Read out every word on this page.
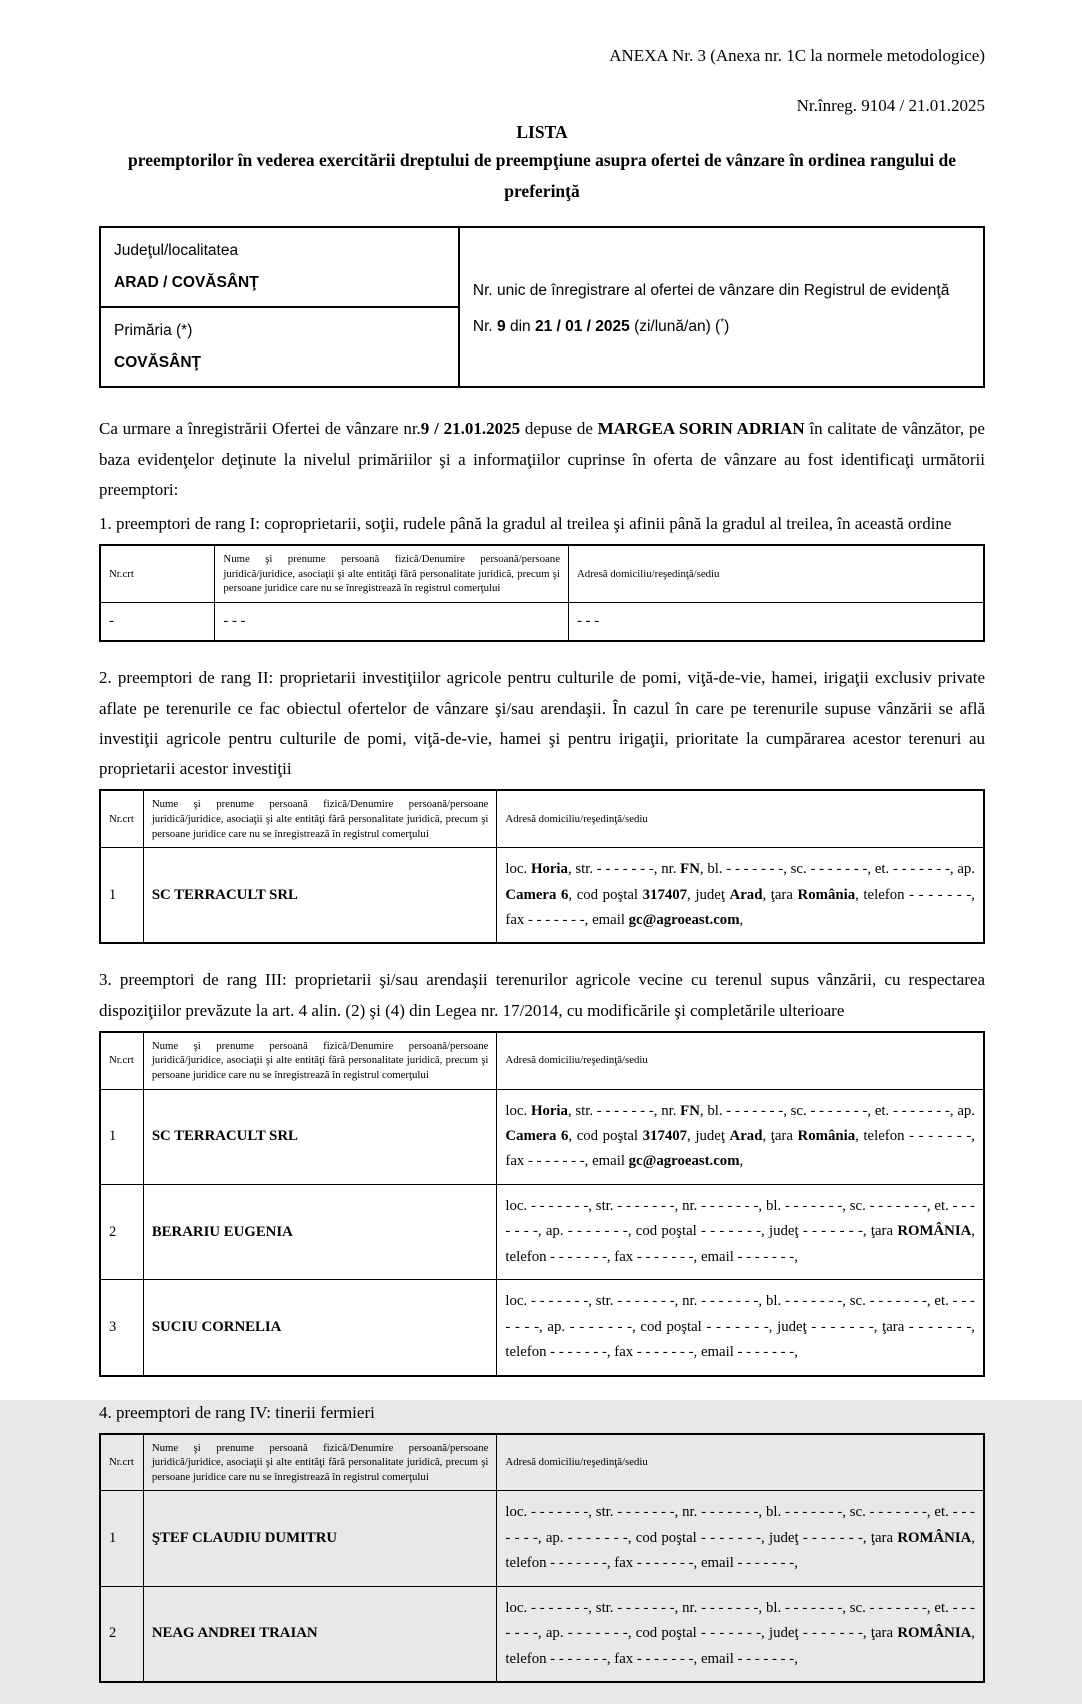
ANEXA Nr. 3 (Anexa nr. 1C la normele metodologice)
Nr.înreg. 9104 / 21.01.2025
LISTA
preemptorilor în vederea exercitării dreptului de preempţiune asupra ofertei de vânzare în ordinea rangului de preferinţă
Judeţul/localitatea
ARAD / COVĂSÂNŢ	Nr. unic de înregistrare al ofertei de vânzare din Registrul de evidenţă
Nr. 9 din 21 / 01 / 2025 (zi/lună/an) (*)

Primăria (*)
COVĂSÂNŢ

Ca urmare a înregistrării Ofertei de vânzare nr.9 / 21.01.2025 depuse de MARGEA SORIN ADRIAN în calitate de vânzător, pe baza evidenţelor deţinute la nivelul primăriilor şi a informaţiilor cuprinse în oferta de vânzare au fost identificaţi următorii preemptori:

1. preemptori de rang I: coproprietarii, soţii, rudele până la gradul al treilea şi afinii până la gradul al treilea, în această ordine

Nr.crt	Nume şi prenume persoană fizică/Denumire persoană/persoane juridică/juridice, asociaţii şi alte entităţi fără personalitate juridică, precum şi persoane juridice care nu se înregistrează în registrul comerţului	Adresă domiciliu/reşedinţă/sediu
-	- - -	- - -

2. preemptori de rang II: proprietarii investiţiilor agricole pentru culturile de pomi, viţă-de-vie, hamei, irigaţii exclusiv private aflate pe terenurile ce fac obiectul ofertelor de vânzare şi/sau arendaşii. În cazul în care pe terenurile supuse vânzării se află investiţii agricole pentru culturile de pomi, viţă-de-vie, hamei şi pentru irigaţii, prioritate la cumpărarea acestor terenuri au proprietarii acestor investiţii

Nr.crt	Nume şi prenume persoană fizică/Denumire persoană/persoane juridică/juridice, asociaţii şi alte entităţi fără personalitate juridică, precum şi persoane juridice care nu se înregistrează în registrul comerţului	Adresă domiciliu/reşedinţă/sediu
1	SC TERRACULT SRL	loc. Horia, str. - - - - - - -, nr. FN, bl. - - - - - - -, sc. - - - - - - -, et. - - - - - - -, ap. Camera 6, cod poştal 317407, judeţ Arad, ţara România, telefon - - - - - - -, fax - - - - - - -, email gc@agroeast.com,

3. preemptori de rang III: proprietarii şi/sau arendaşii terenurilor agricole vecine cu terenul supus vânzării, cu respectarea dispoziţiilor prevăzute la art. 4 alin. (2) şi (4) din Legea nr. 17/2014, cu modificările şi completările ulterioare

Nr.crt	Nume şi prenume persoană fizică/Denumire persoană/persoane juridică/juridice, asociaţii şi alte entităţi fără personalitate juridică, precum şi persoane juridice care nu se înregistrează în registrul comerţului	Adresă domiciliu/reşedinţă/sediu
1	SC TERRACULT SRL	loc. Horia, str. - - - - - - -, nr. FN, bl. - - - - - - -, sc. - - - - - - -, et. - - - - - - -, ap. Camera 6, cod poştal 317407, judeţ Arad, ţara România, telefon - - - - - - -, fax - - - - - - -, email gc@agroeast.com,
2	BERARIU EUGENIA	loc. - - - - - - -, str. - - - - - - -, nr. - - - - - - -, bl. - - - - - - -, sc. - - - - - - -, et. - - - - - - -, ap. - - - - - - -, cod poştal - - - - - - -, judeţ - - - - - - -, ţara ROMÂNIA, telefon - - - - - - -, fax - - - - - - -, email - - - - - - -,
3	SUCIU CORNELIA	loc. - - - - - - -, str. - - - - - - -, nr. - - - - - - -, bl. - - - - - - -, sc. - - - - - - -, et. - - - - - - -, ap. - - - - - - -, cod poştal - - - - - - -, judeţ - - - - - - -, ţara - - - - - - -, telefon - - - - - - -, fax - - - - - - -, email - - - - - - -,

4. preemptori de rang IV: tinerii fermieri

Nr.crt	Nume şi prenume persoană fizică/Denumire persoană/persoane juridică/juridice, asociaţii şi alte entităţi fără personalitate juridică, precum şi persoane juridice care nu se înregistrează în registrul comerţului	Adresă domiciliu/reşedinţă/sediu
1	ŞTEF CLAUDIU DUMITRU	loc. - - - - - - -, str. - - - - - - -, nr. - - - - - - -, bl. - - - - - - -, sc. - - - - - - -, et. - - - - - - -, ap. - - - - - - -, cod poştal - - - - - - -, judeţ - - - - - - -, ţara ROMÂNIA, telefon - - - - - - -, fax - - - - - - -, email - - - - - - -,
2	NEAG ANDREI TRAIAN	loc. - - - - - - -, str. - - - - - - -, nr. - - - - - - -, bl. - - - - - - -, sc. - - - - - - -, et. - - - - - - -, ap. - - - - - - -, cod poştal - - - - - - -, judeţ - - - - - - -, ţara ROMÂNIA, telefon - - - - - - -, fax - - - - - - -, email - - - - - - -,
